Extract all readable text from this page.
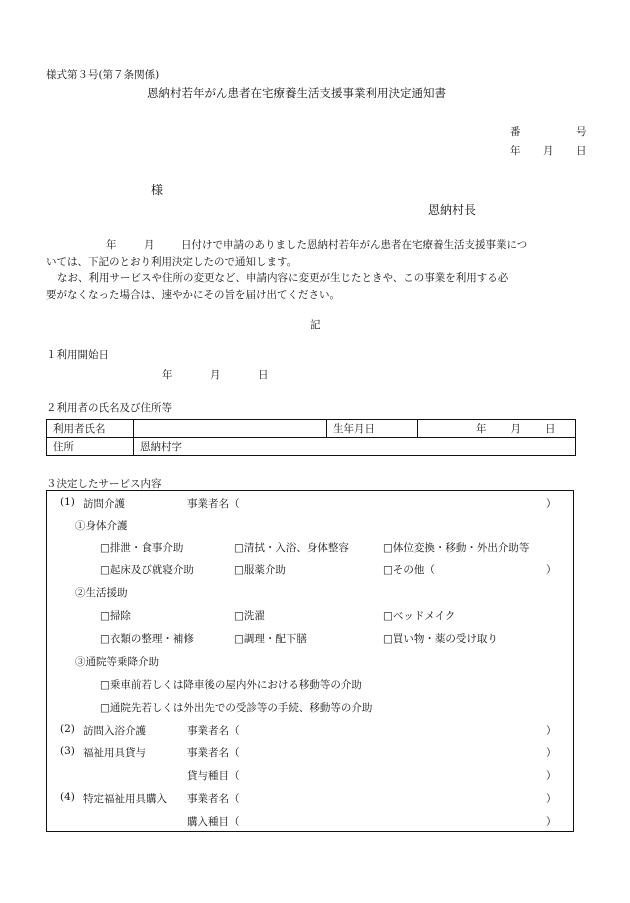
様式第３号(第７条関係)
恩納村若年がん患者在宅療養生活支援事業利用決定通知書
番	号
年 月 日
様
恩納村長
年	月	日付けで申請のありました恩納村若年がん患者在宅療養生活支援事業につ
いては、下記のとおり利用決定したので通知します。
なお、利用サービスや住所の変更など、申請内容に変更が生じたときや、この事業を利用する必
要がなくなった場合は、速やかにその旨を届け出てください。
記
１利用開始日
年	月	日
２利用者の氏名及び住所等
利用者氏名		生年月日	年 月 日
住所	恩納村字		
３決定したサービス内容
(1) 訪問介護	事業者名（	）
①身体介護
□排泄・食事介助	□清拭・入浴、身体整容	□体位変換・移動・外出介助等
□起床及び就寝介助	□服薬介助	□その他（	）
②生活援助
□掃除	□洗濯	□ベッドメイク
□衣類の整理・補修	□調理・配下膳	□買い物・薬の受け取り
③通院等乗降介助
□乗車前若しくは降車後の屋内外における移動等の介助
□通院先若しくは外出先での受診等の手続、移動等の介助
(2) 訪問入浴介護	事業者名（	）
(3) 福祉用具貸与	事業者名（	）
貸与種目（	）
(4) 特定福祉用具購入 事業者名（	）
購入種目（	）
